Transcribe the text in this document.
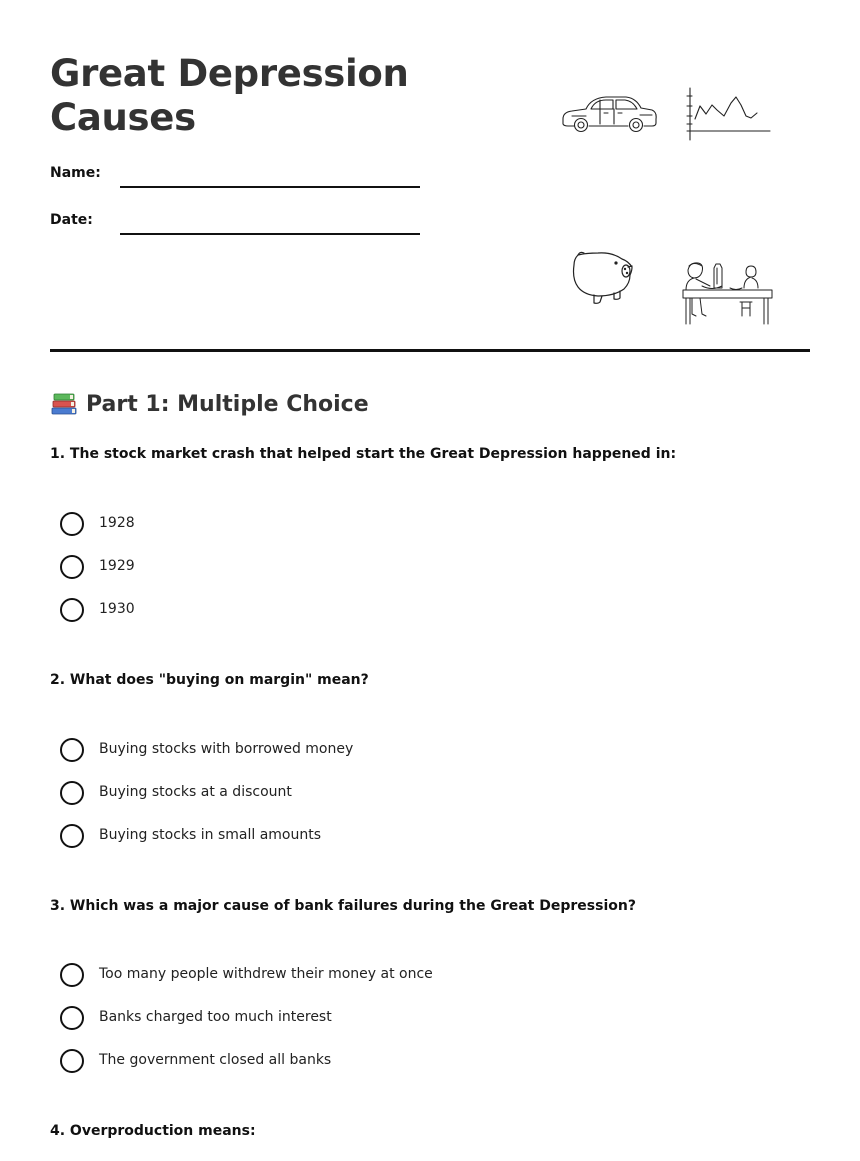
Great Depression
Causes
Name:
Date:
Part 1: Multiple Choice

1. The stock market crash that helped start the Great Depression happened in:

1928
1929
1930

2. What does "buying on margin" mean?

Buying stocks with borrowed money
Buying stocks at a discount
Buying stocks in small amounts

3. Which was a major cause of bank failures during the Great Depression?

Too many people withdrew their money at once
Banks charged too much interest
The government closed all banks

4. Overproduction means:
